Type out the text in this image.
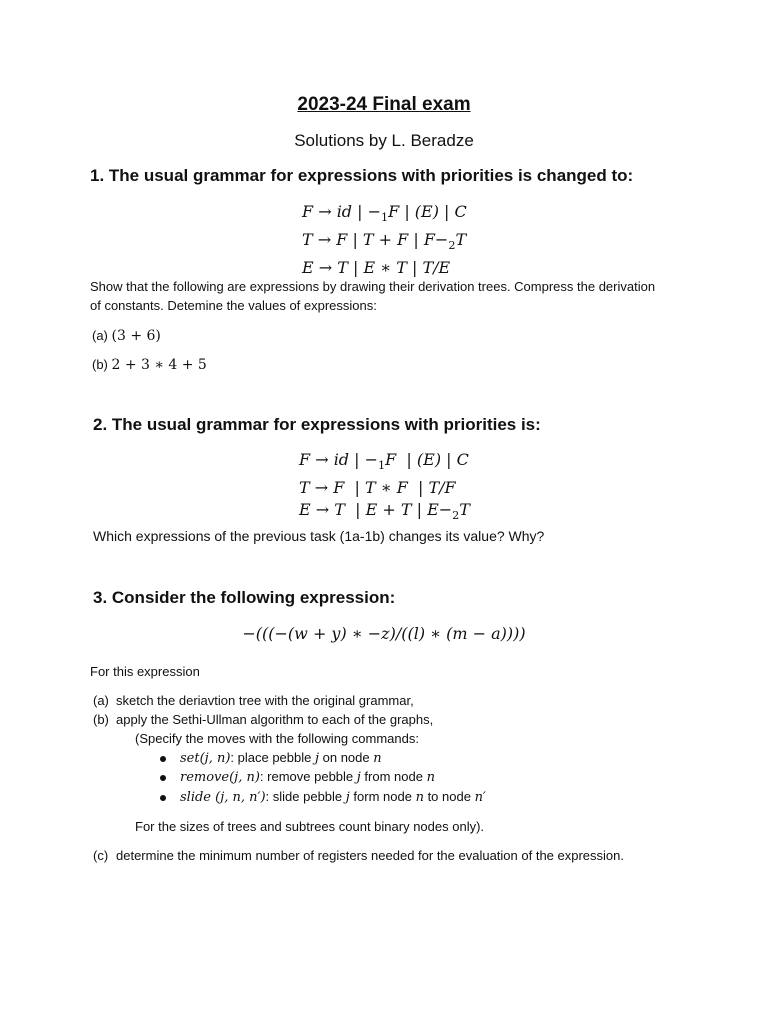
2023-24 Final exam
Solutions by L. Beradze
1. The usual grammar for expressions with priorities is changed to:
F → id | $-_1F$ | (E) | C
T → F | T + F | $F-_2T$
E → T | E ∗ T | T/E
Show that the following are expressions by drawing their derivation trees. Compress the derivation
of constants. Detemine the values of expressions:
(a) (3 + 6)
(b) 2 + 3 ∗ 4 + 5
2. The usual grammar for expressions with priorities is:
F → id | $-_1F$  | (E) | C
T → F  | T ∗ F  | T/F
E → T  | E + T | $E-_2T$
Which expressions of the previous task (1a-1b) changes its value? Why?
3. Consider the following expression:
−(((−(w + y) ∗ −z)/((l) ∗ (m − a))))
For this expression
(a) sketch the deriavtion tree with the original grammar,
(b) apply the Sethi-Ullman algorithm to each of the graphs,
(Specify the moves with the following commands:
set(j, n): place pebble j on node n
remove(j, n): remove pebble j from node n
slide (j, n, n′): slide pebble j form node n to node n′
For the sizes of trees and subtrees count binary nodes only).
(c) determine the minimum number of registers needed for the evaluation of the expression.
